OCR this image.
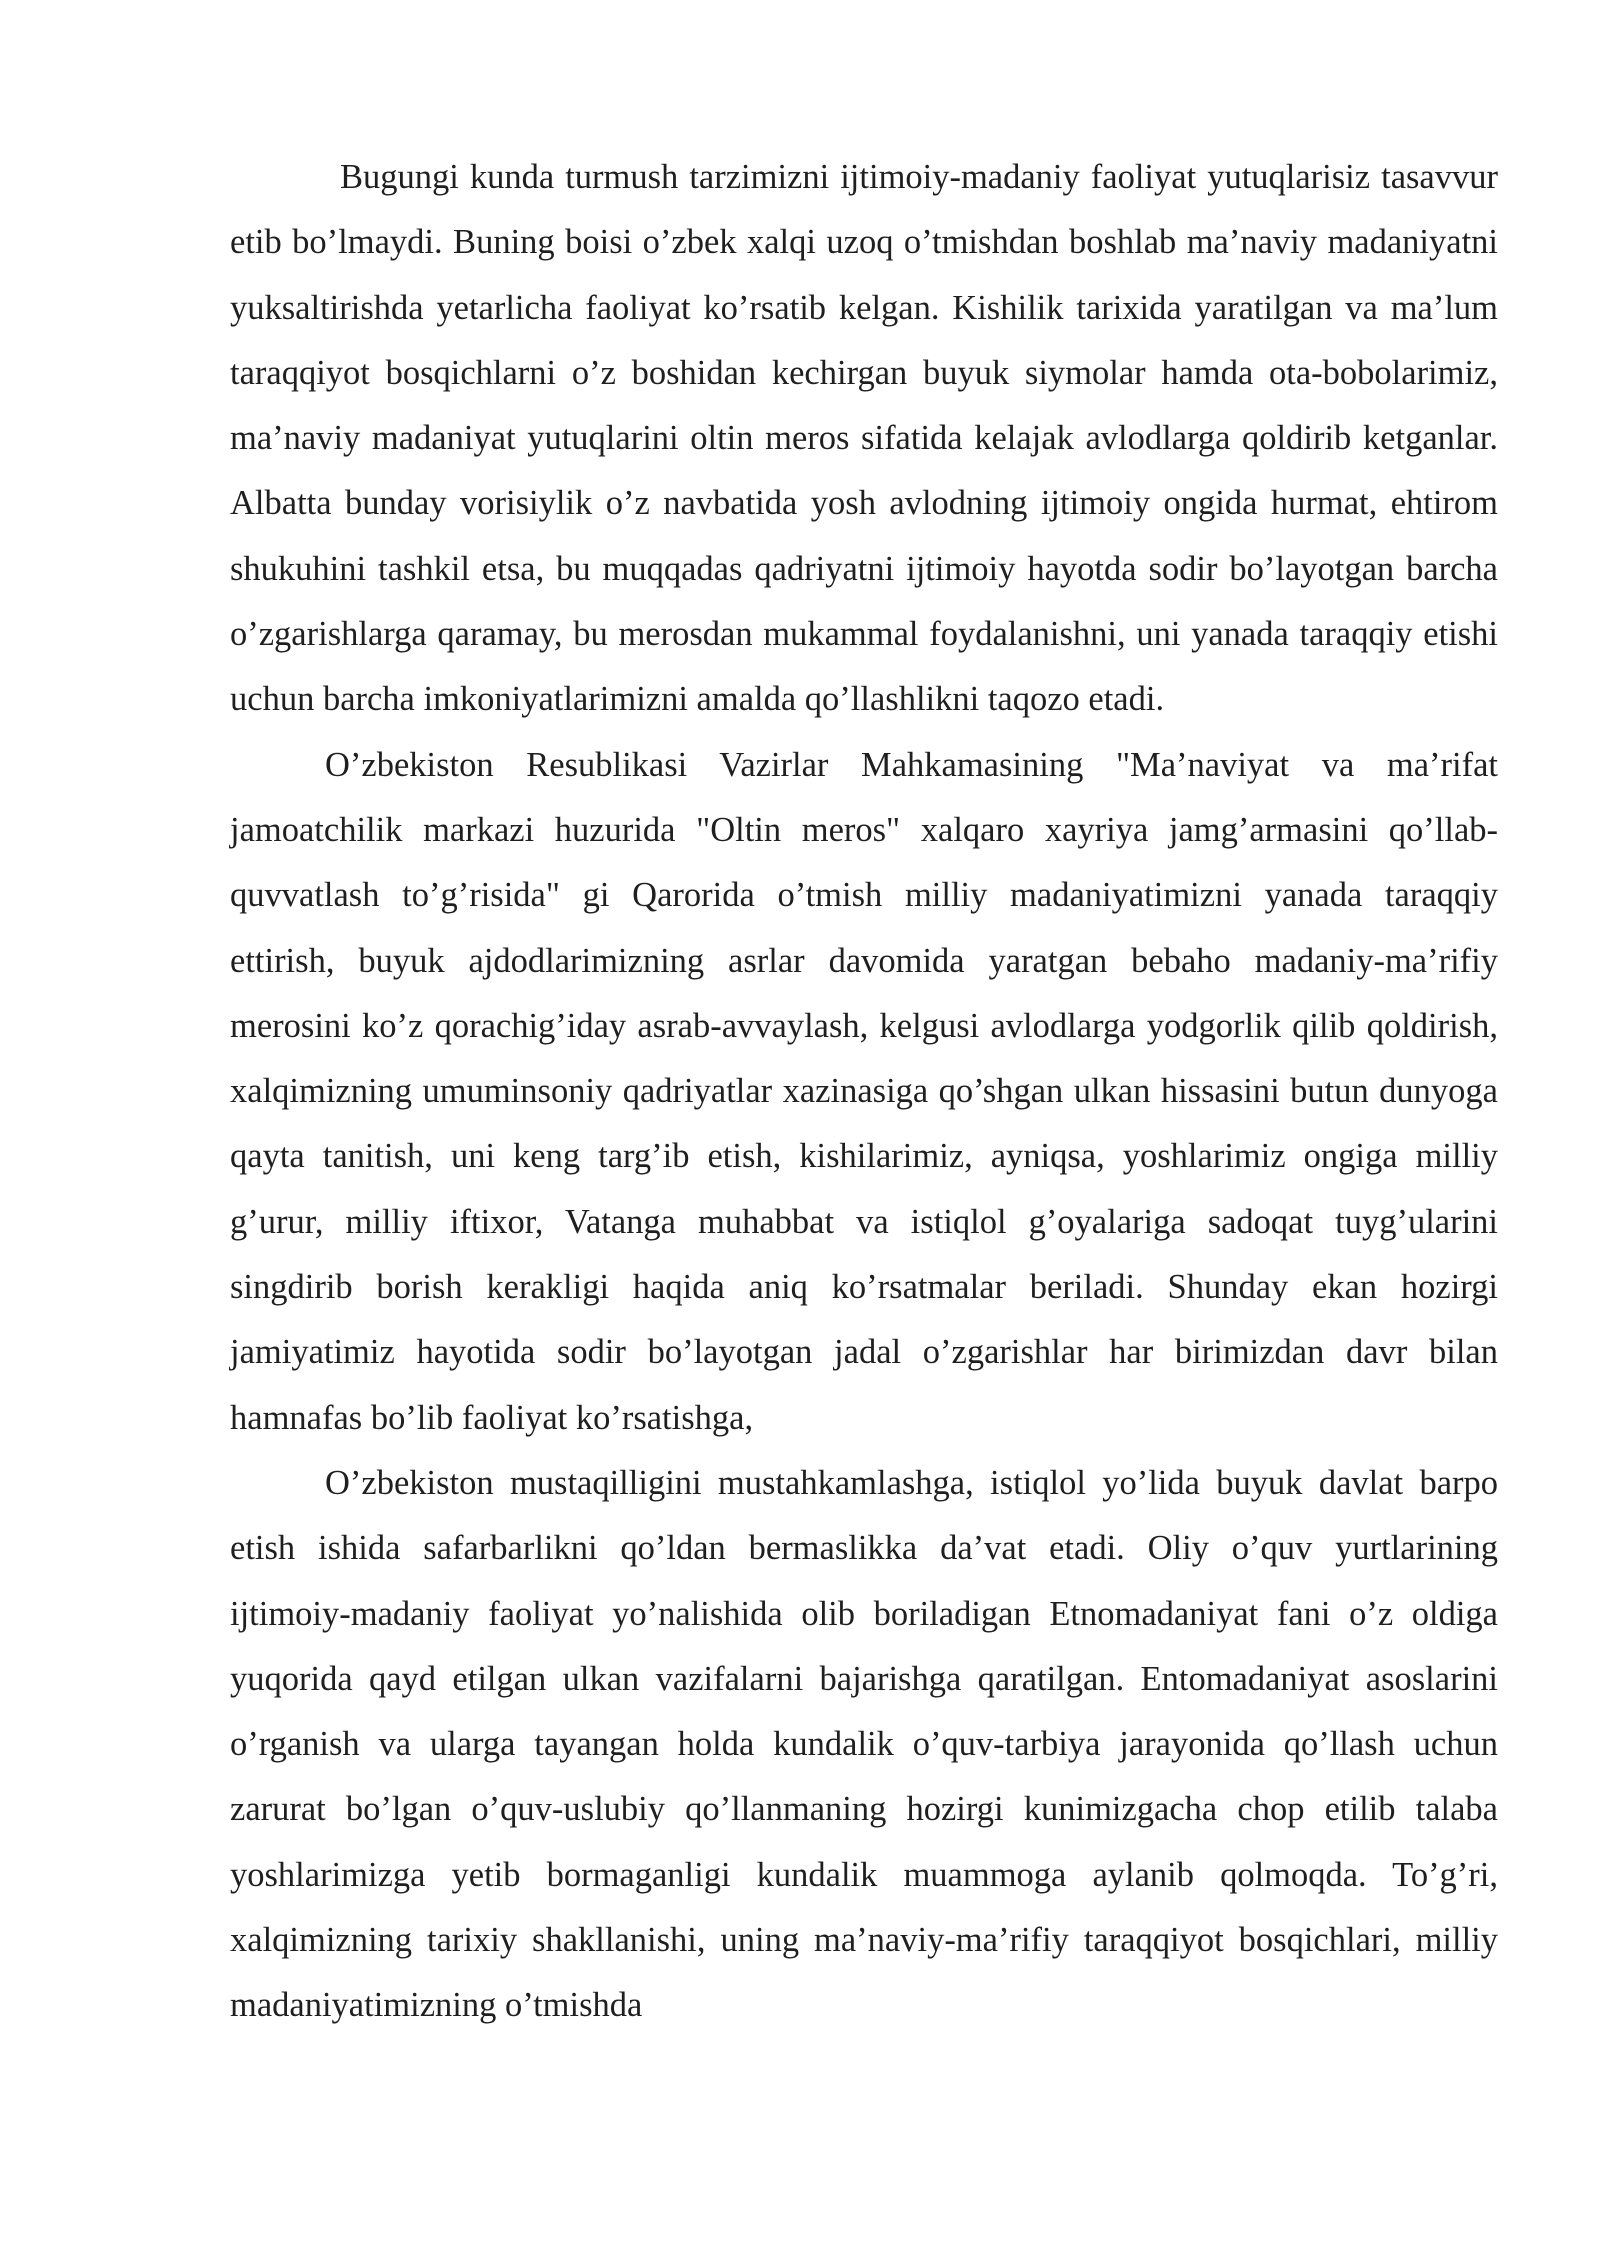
Bugungi kunda turmush tarzimizni ijtimoiy-madaniy faoliyat yutuqlarisiz tasavvur etib bo’lmaydi. Buning boisi o’zbek xalqi uzoq o’tmishdan boshlab ma’naviy madaniyatni yuksaltirishda yetarlicha faoliyat ko’rsatib kelgan. Kishilik tarixida yaratilgan va ma’lum taraqqiyot bosqichlarni o’z boshidan kechirgan buyuk siymolar hamda ota-bobolarimiz, ma’naviy madaniyat yutuqlarini oltin meros sifatida kelajak avlodlarga qoldirib ketganlar. Albatta bunday vorisiylik o’z navbatida yosh avlodning ijtimoiy ongida hurmat, ehtirom shukuhini tashkil etsa, bu muqqadas qadriyatni ijtimoiy hayotda sodir bo’layotgan barcha o’zgarishlarga qaramay, bu merosdan mukammal foydalanishni, uni yanada taraqqiy etishi uchun barcha imkoniyatlarimizni amalda qo’llashlikni taqozo etadi.

O’zbekiston Resublikasi Vazirlar Mahkamasining "Ma’naviyat va ma’rifat jamoatchilik markazi huzurida "Oltin meros" xalqaro xayriya jamg’armasini qo’llab-quvvatlash to’g’risida" gi Qarorida o’tmish milliy madaniyatimizni yanada taraqqiy ettirish, buyuk ajdodlarimizning asrlar davomida yaratgan bebaho madaniy-ma’rifiy merosini ko’z qorachig’iday asrab-avvaylash, kelgusi avlodlarga yodgorlik qilib qoldirish, xalqimizning umuminsoniy qadriyatlar xazinasiga qo’shgan ulkan hissasini butun dunyoga qayta tanitish, uni keng targ’ib etish, kishilarimiz, ayniqsa, yoshlarimiz ongiga milliy g’urur, milliy iftixor, Vatanga muhabbat va istiqlol g’oyalariga sadoqat tuyg’ularini singdirib borish kerakligi haqida aniq ko’rsatmalar beriladi. Shunday ekan hozirgi jamiyatimiz hayotida sodir bo’layotgan jadal o’zgarishlar har birimizdan davr bilan hamnafas bo’lib faoliyat ko’rsatishga,

O’zbekiston mustaqilligini mustahkamlashga, istiqlol yo’lida buyuk davlat barpo etish ishida safarbarlikni qo’ldan bermaslikka da’vat etadi. Oliy o’quv yurtlarining ijtimoiy-madaniy faoliyat yo’nalishida olib boriladigan Etnomadaniyat fani o’z oldiga yuqorida qayd etilgan ulkan vazifalarni bajarishga qaratilgan. Entomadaniyat asoslarini o’rganish va ularga tayangan holda kundalik o’quv-tarbiya jarayonida qo’llash uchun zarurat bo’lgan o’quv-uslubiy qo’llanmaning hozirgi kunimizgacha chop etilib talaba yoshlarimizga yetib bormaganligi kundalik muammoga aylanib qolmoqda. To’g’ri, xalqimizning tarixiy shakllanishi, uning ma’naviy-ma’rifiy taraqqiyot bosqichlari, milliy madaniyatimizning o’tmishda
